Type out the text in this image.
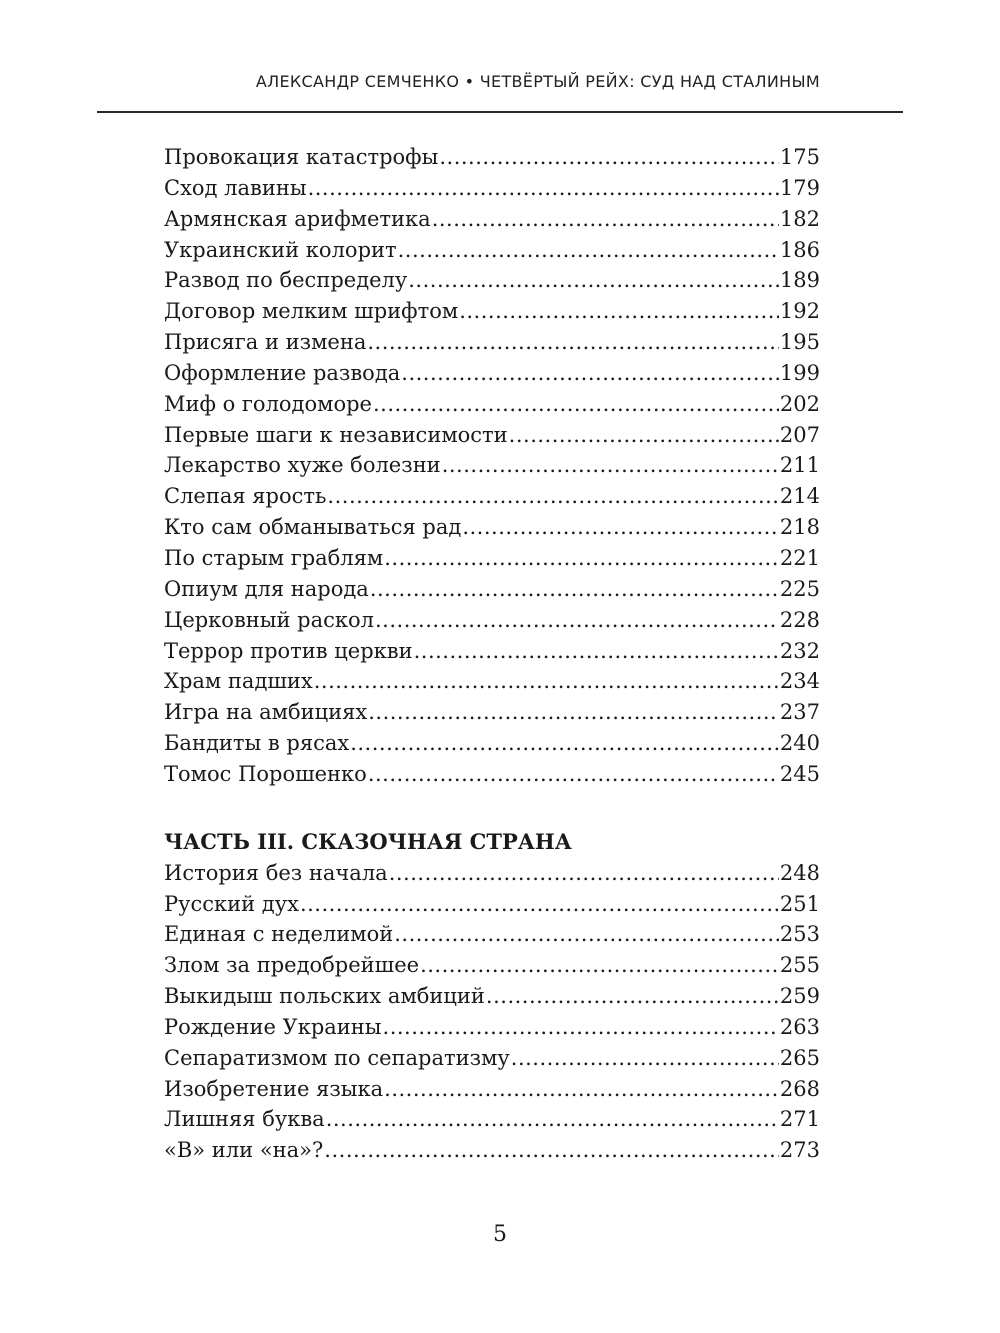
АЛЕКСАНДР СЕМЧЕНКО • ЧЕТВЁРТЫЙ РЕЙХ: СУД НАД СТАЛИНЫМ
Провокация катастрофы .....	175
Сход лавины .....	179
Армянская арифметика .....	182
Украинский колорит .....	186
Развод по беспределу .....	189
Договор мелким шрифтом .....	192
Присяга и измена .....	195
Оформление развода .....	199
Миф о голодоморе .....	202
Первые шаги к независимости .....	207
Лекарство хуже болезни .....	211
Слепая ярость .....	214
Кто сам обманываться рад .....	218
По старым граблям .....	221
Опиум для народа .....	225
Церковный раскол .....	228
Террор против церкви .....	232
Храм падших .....	234
Игра на амбициях .....	237
Бандиты в рясах .....	240
Томос Порошенко .....	245
ЧАСТЬ III. СКАЗОЧНАЯ СТРАНА
История без начала .....	248
Русский дух .....	251
Единая с неделимой .....	253
Злом за предобрейшее .....	255
Выкидыш польских амбиций .....	259
Рождение Украины .....	263
Сепаратизмом по сепаратизму .....	265
Изобретение языка .....	268
Лишняя буква .....	271
«В» или «на»? .....	273
5
